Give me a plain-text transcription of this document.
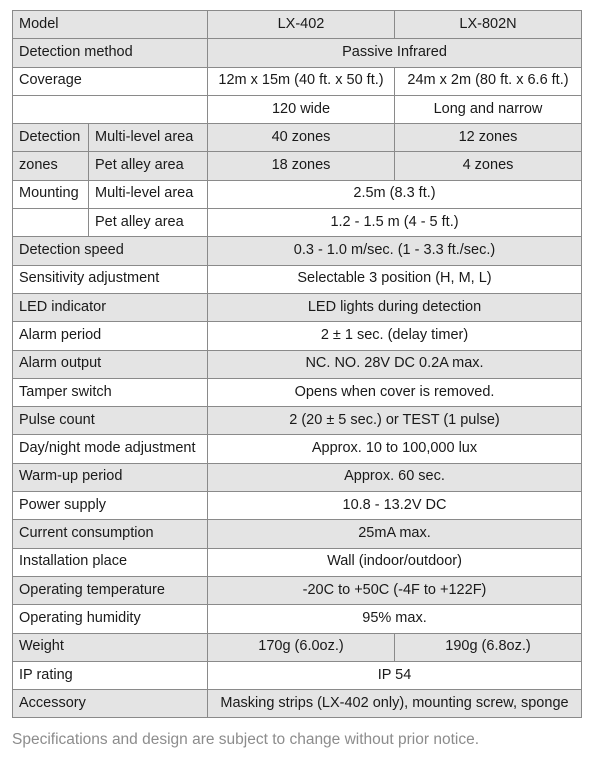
Model		LX-402	LX-802N
Detection method		Passive Infrared	
Coverage		12m x 15m (40 ft. x 50 ft.)	24m x 2m (80 ft. x 6.6 ft.)
		120 wide	Long and narrow
Detection	Multi-level area	40 zones	12 zones
zones	Pet alley area	18 zones	4 zones
Mounting	Multi-level area	2.5m (8.3 ft.)	
	Pet alley area	1.2 - 1.5 m (4 - 5 ft.)	
Detection speed		0.3 - 1.0 m/sec. (1 - 3.3 ft./sec.)	
Sensitivity adjustment		Selectable 3 position (H, M, L)	
LED indicator		LED lights during detection	
Alarm period		2 ± 1 sec. (delay timer)	
Alarm output		NC. NO. 28V DC 0.2A max.	
Tamper switch		Opens when cover is removed.	
Pulse count		2 (20 ± 5 sec.) or TEST (1 pulse)	
Day/night mode adjustment		Approx. 10 to 100,000 lux	
Warm-up period		Approx. 60 sec.	
Power supply		10.8 - 13.2V DC	
Current consumption		25mA max.	
Installation place		Wall (indoor/outdoor)	
Operating temperature		-20C to +50C (-4F to +122F)	
Operating humidity		95% max.	
Weight		170g (6.0oz.)	190g (6.8oz.)
IP rating		IP 54	
Accessory		Masking strips (LX-402 only), mounting screw, sponge	
Specifications and design are subject to change without prior notice.
